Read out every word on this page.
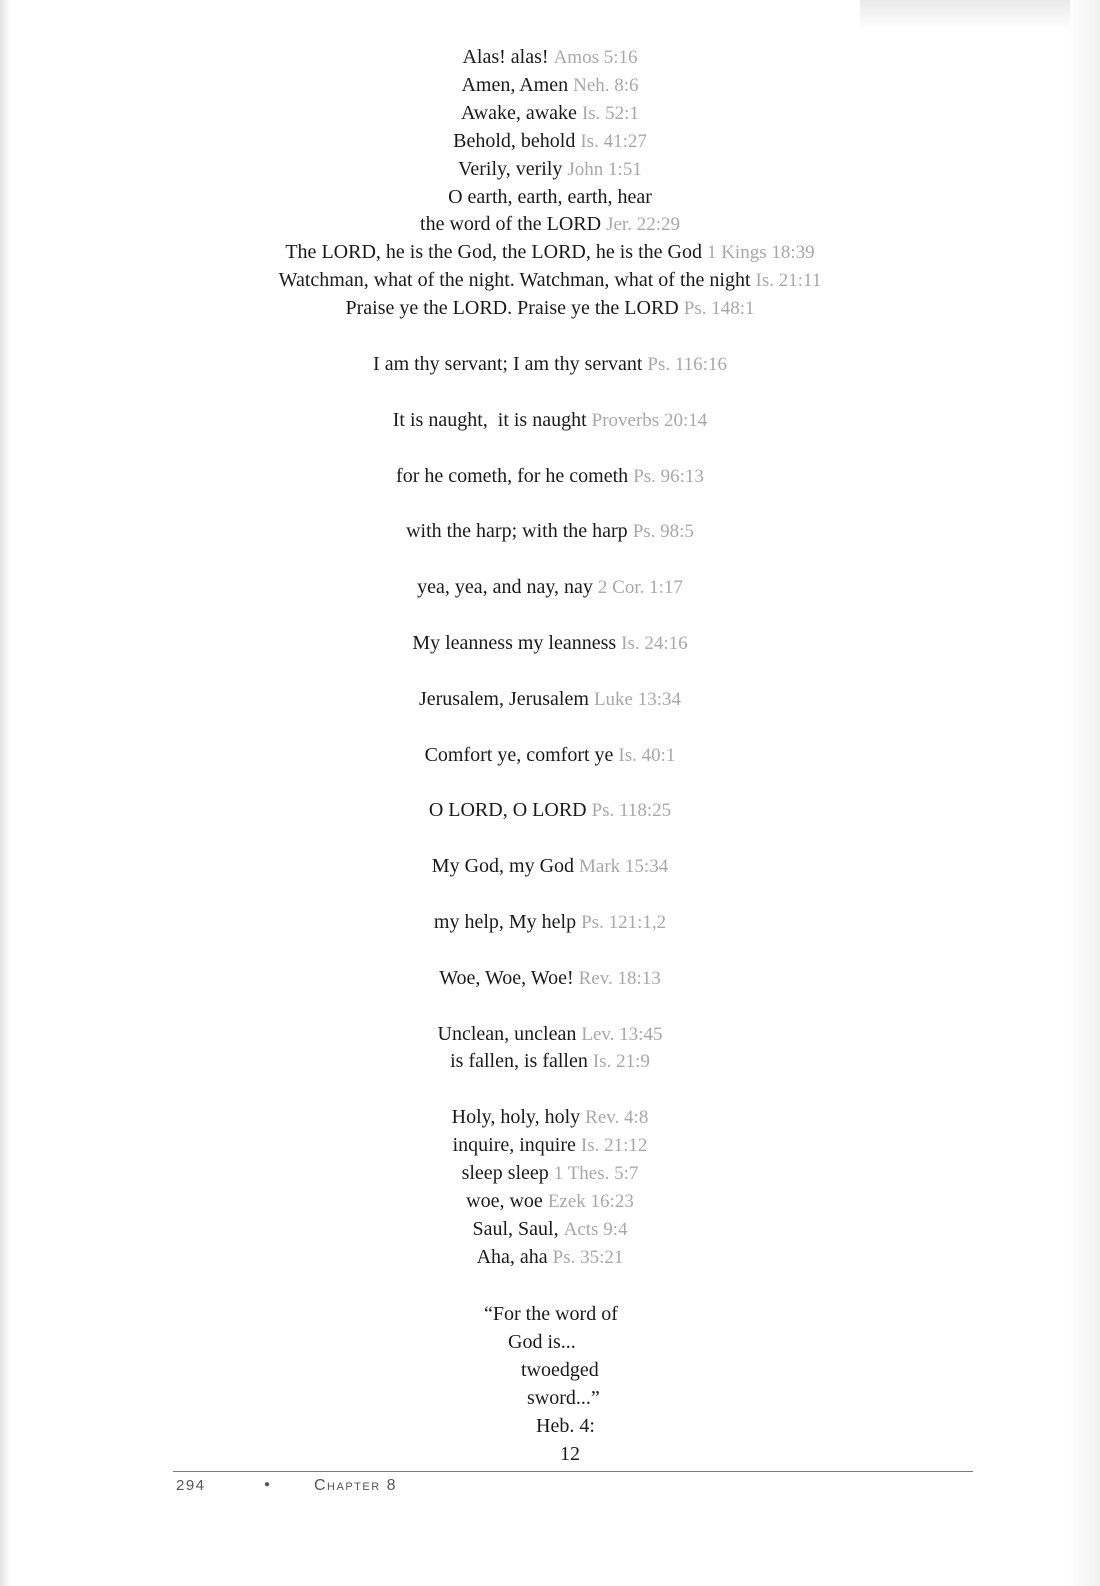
Alas! alas! Amos 5:16
Amen, Amen Neh. 8:6
Awake, awake Is. 52:1
Behold, behold Is. 41:27
Verily, verily John 1:51
O earth, earth, earth, hear
the word of the LORD Jer. 22:29
The LORD, he is the God, the LORD, he is the God 1 Kings 18:39
Watchman, what of the night. Watchman, what of the night Is. 21:11
Praise ye the LORD. Praise ye the LORD Ps. 148:1
I am thy servant; I am thy servant Ps. 116:16
It is naught,  it is naught Proverbs 20:14
for he cometh, for he cometh Ps. 96:13
with the harp; with the harp Ps. 98:5
yea, yea, and nay, nay 2 Cor. 1:17
My leanness my leanness Is. 24:16
Jerusalem, Jerusalem Luke 13:34
Comfort ye, comfort ye Is. 40:1
O LORD, O LORD Ps. 118:25
My God, my God Mark 15:34
my help, My help Ps. 121:1,2
Woe, Woe, Woe! Rev. 18:13
Unclean, unclean Lev. 13:45
is fallen, is fallen Is. 21:9
Holy, holy, holy Rev. 4:8
inquire, inquire Is. 21:12
sleep sleep 1 Thes. 5:7
woe, woe Ezek 16:23
Saul, Saul, Acts 9:4
Aha, aha Ps. 35:21
“For the word of
God is...
twoedged
sword...”
Heb. 4:
12
294	●	Chapter 8
